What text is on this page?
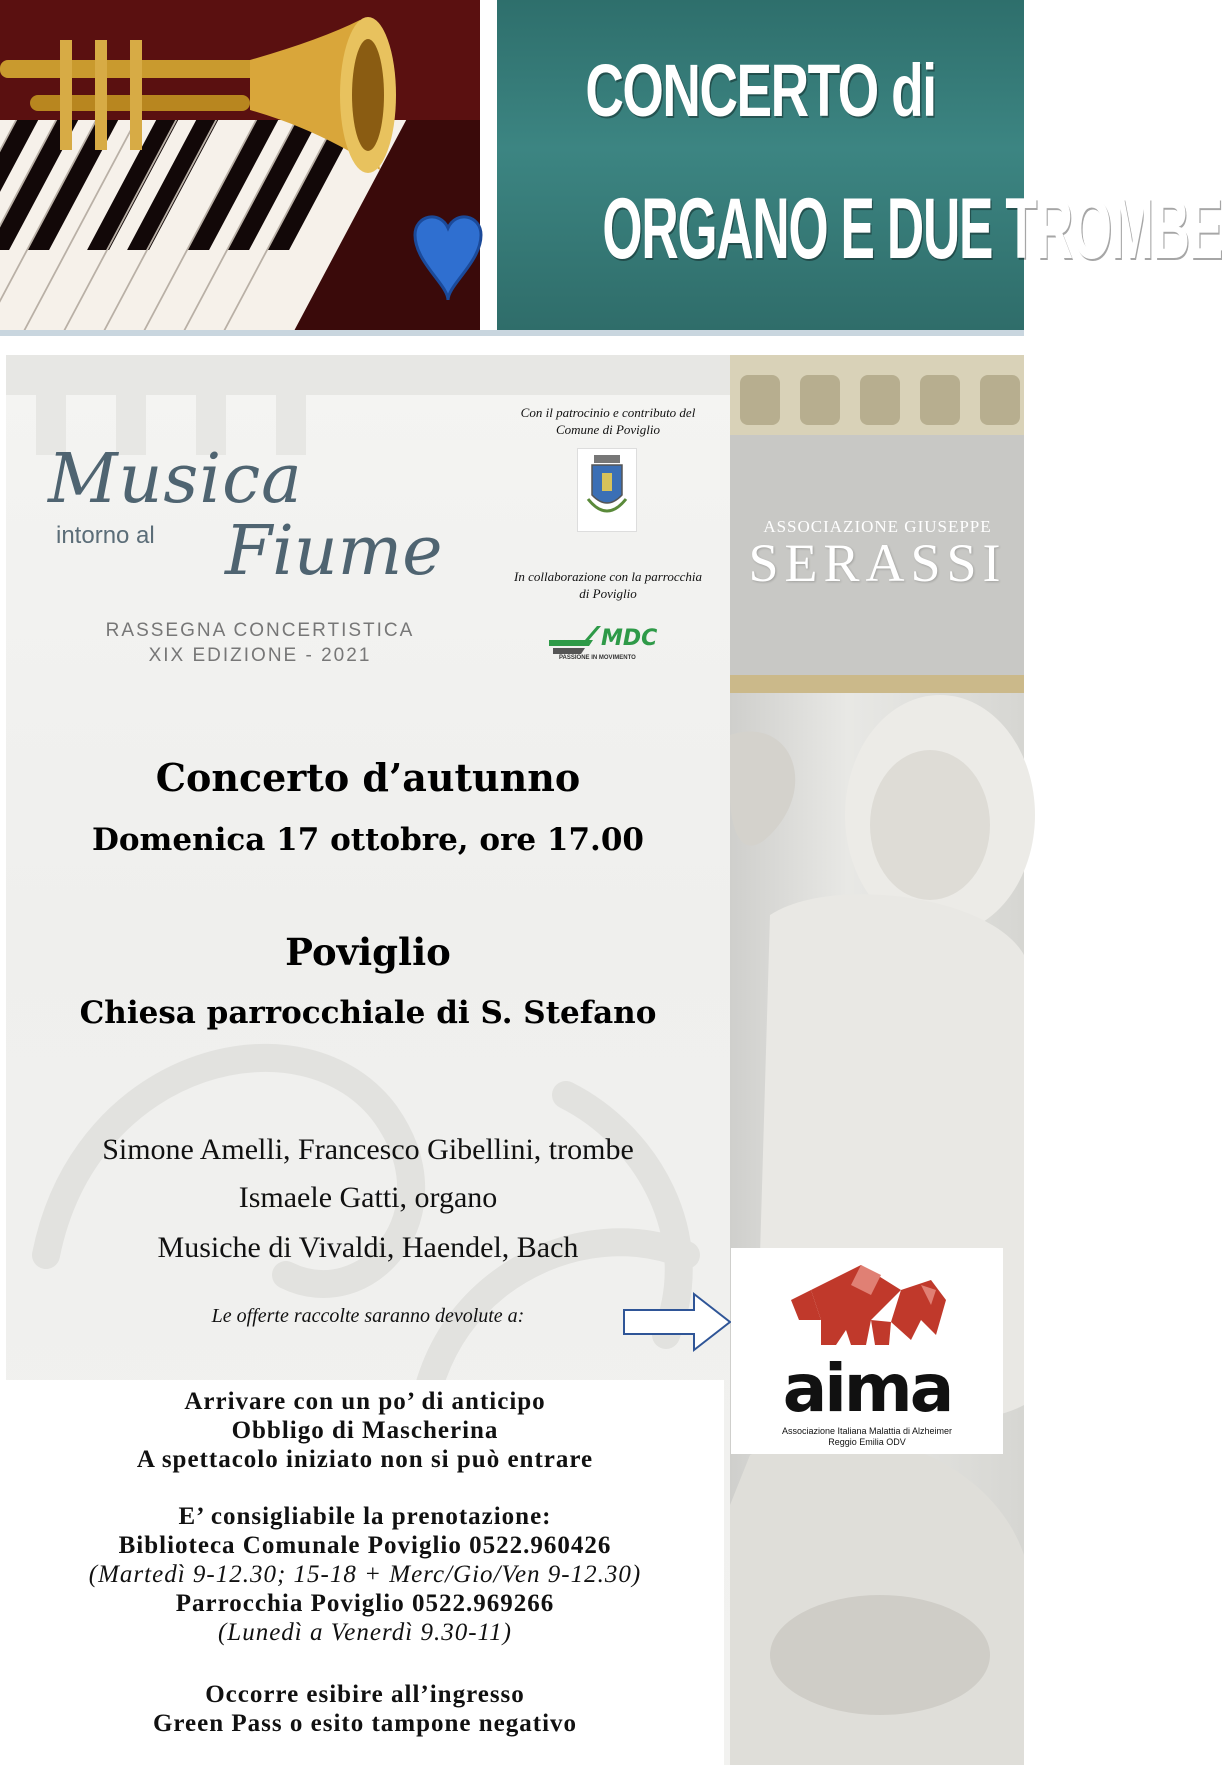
CONCERTO di
ORGANO E DUE TROMBE
Musica
intorno al Fiume
RASSEGNA CONCERTISTICA
XIX EDIZIONE - 2021
Con il patrocinio e contributo del
Comune di Poviglio
In collaborazione con la parrocchia
di Poviglio
MDC
PASSIONE IN MOVIMENTO
ASSOCIAZIONE GIUSEPPE
SERASSI
Concerto d’autunno
Domenica 17 ottobre, ore 17.00
Poviglio
Chiesa parrocchiale di S. Stefano
Simone Amelli, Francesco Gibellini, trombe
Ismaele Gatti, organo
Musiche di Vivaldi, Haendel, Bach
Le offerte raccolte saranno devolute a:
aima
Associazione Italiana Malattia di Alzheimer
Reggio Emilia ODV
Arrivare con un po’ di anticipo
Obbligo di Mascherina
A spettacolo iniziato non si può entrare
E’ consigliabile la prenotazione:
Biblioteca Comunale Poviglio 0522.960426
(Martedì 9-12.30; 15-18 + Merc/Gio/Ven 9-12.30)
Parrocchia Poviglio 0522.969266
(Lunedì a Venerdì 9.30-11)
Occorre esibire all’ingresso
Green Pass o esito tampone negativo
